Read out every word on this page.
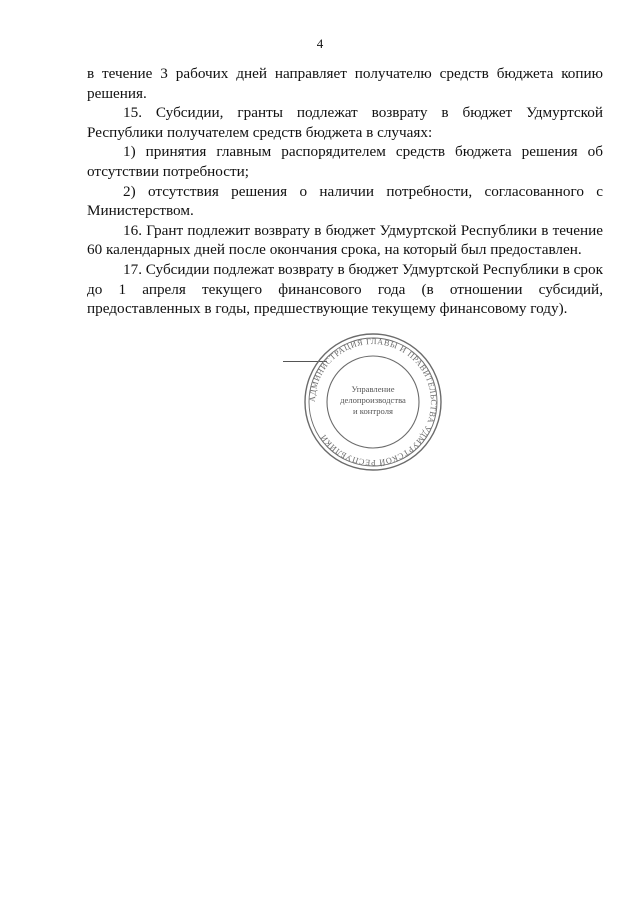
4

в течение 3 рабочих дней направляет получателю средств бюджета копию решения.

15. Субсидии, гранты подлежат возврату в бюджет Удмуртской Республики получателем средств бюджета в случаях:

1) принятия главным распорядителем средств бюджета решения об отсутствии потребности;

2) отсутствия решения о наличии потребности, согласованного с Министерством.

16. Грант подлежит возврату в бюджет Удмуртской Республики в течение 60 календарных дней после окончания срока, на который был предоставлен.

17. Субсидии подлежат возврату в бюджет Удмуртской Республики в срок до 1 апреля текущего финансового года (в отношении субсидий, предоставленных в годы, предшествующие текущему финансовому году).

АДМИНИСТРАЦИЯ ГЛАВЫ И ПРАВИТЕЛЬСТВА УДМУРТСКОЙ РЕСПУБЛИКИ
Управление
делопроизводства
и контроля
